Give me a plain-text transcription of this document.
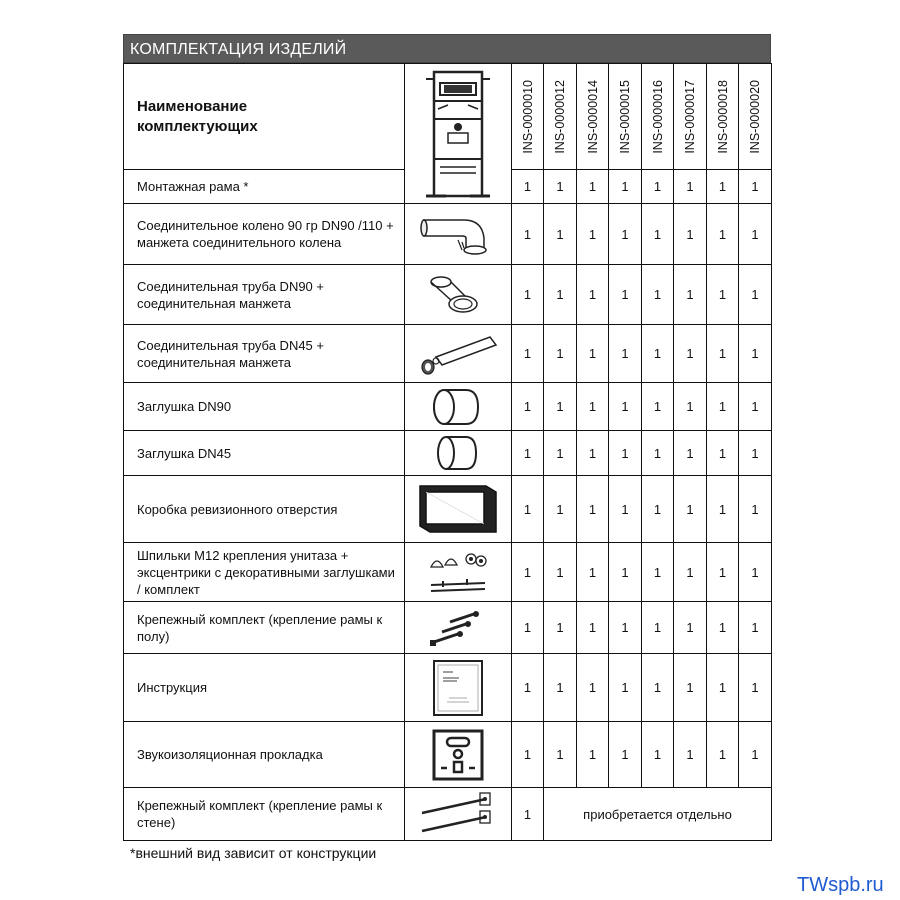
КОМПЛЕКТАЦИЯ ИЗДЕЛИЙ
Наименование
комплектующих		INS-0000010	INS-0000012	INS-0000014	INS-0000015	INS-0000016	INS-0000017	INS-0000018	INS-0000020

Монтажная рама *		1	1	1	1	1	1	1	1
Соединительное колено 90 гр DN90 /110 + манжета соединительного колена		1	1	1	1	1	1	1	1
Соединительная труба DN90 + соединительная манжета		1	1	1	1	1	1	1	1
Соединительная труба DN45 + соединительная манжета		1	1	1	1	1	1	1	1
Заглушка DN90		1	1	1	1	1	1	1	1
Заглушка DN45		1	1	1	1	1	1	1	1
Коробка ревизионного отверстия		1	1	1	1	1	1	1	1
Шпильки М12 крепления унитаза + эксцентрики с декоративными заглушками / комплект		1	1	1	1	1	1	1	1
Крепежный комплект (крепление рамы к полу)		1	1	1	1	1	1	1	1
Инструкция		1	1	1	1	1	1	1	1
Звукоизоляционная прокладка		1	1	1	1	1	1	1	1
Крепежный комплект (крепление рамы к стене)		1	приобретается отдельно						
*внешний вид зависит от конструкции
TWspb.ru
